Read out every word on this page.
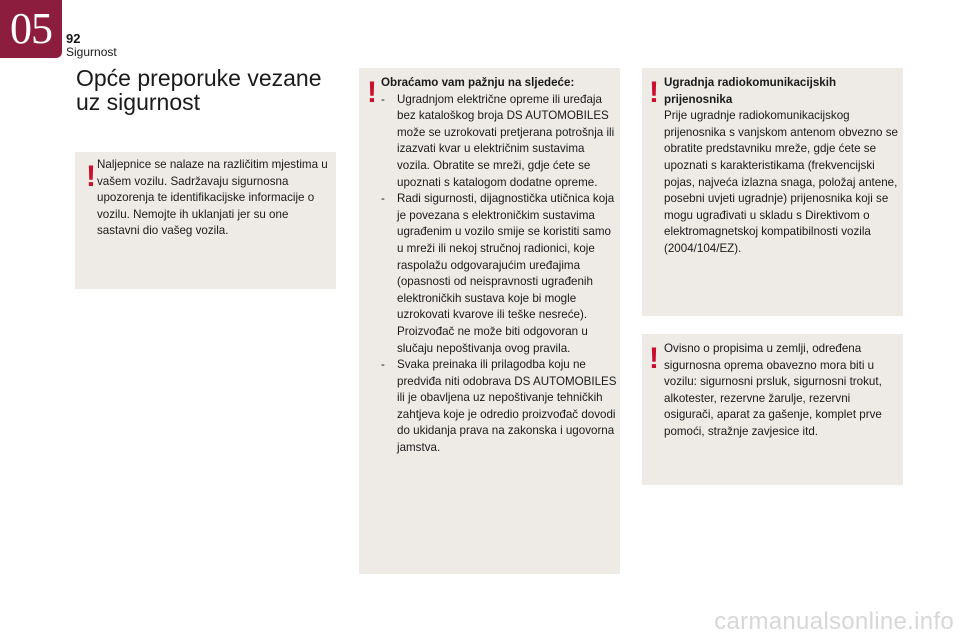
05 92
Sigurnost
Opće preporuke vezane uz sigurnost
! Naljepnice se nalaze na različitim mjestima u vašem vozilu. Sadržavaju sigurnosna upozorenja te identifikacijske informacije o vozilu. Nemojte ih uklanjati jer su one sastavni dio vašeg vozila.
! Obraćamo vam pažnju na sljedeće:
- Ugradnjom električne opreme ili uređaja bez kataloškog broja DS AUTOMOBILES može se uzrokovati pretjerana potrošnja ili izazvati kvar u električnim sustavima vozila. Obratite se mreži, gdje ćete se upoznati s katalogom dodatne opreme.
- Radi sigurnosti, dijagnostička utičnica koja je povezana s elektroničkim sustavima ugrađenim u vozilo smije se koristiti samo u mreži ili nekoj stručnoj radionici, koje raspolažu odgovarajućim uređajima (opasnosti od neispravnosti ugrađenih elektroničkih sustava koje bi mogle uzrokovati kvarove ili teške nesreće). Proizvođač ne može biti odgovoran u slučaju nepoštivanja ovog pravila.
- Svaka preinaka ili prilagodba koju ne predviđa niti odobrava DS AUTOMOBILES ili je obavljena uz nepoštivanje tehničkih zahtjeva koje je odredio proizvođač dovodi do ukidanja prava na zakonska i ugovorna jamstva.
! Ugradnja radiokomunikacijskih prijenosnika
Prije ugradnje radiokomunikacijskog prijenosnika s vanjskom antenom obvezno se obratite predstavniku mreže, gdje ćete se upoznati s karakteristikama (frekvencijski pojas, najveća izlazna snaga, položaj antene, posebni uvjeti ugradnje) prijenosnika koji se mogu ugrađivati u skladu s Direktivom o elektromagnetskoj kompatibilnosti vozila (2004/104/EZ).
! Ovisno o propisima u zemlji, određena sigurnosna oprema obavezno mora biti u vozilu: sigurnosni prsluk, sigurnosni trokut, alkotester, rezervne žarulje, rezervni osigurači, aparat za gašenje, komplet prve pomoći, stražnje zavjesice itd.
carmanualsonline.info
